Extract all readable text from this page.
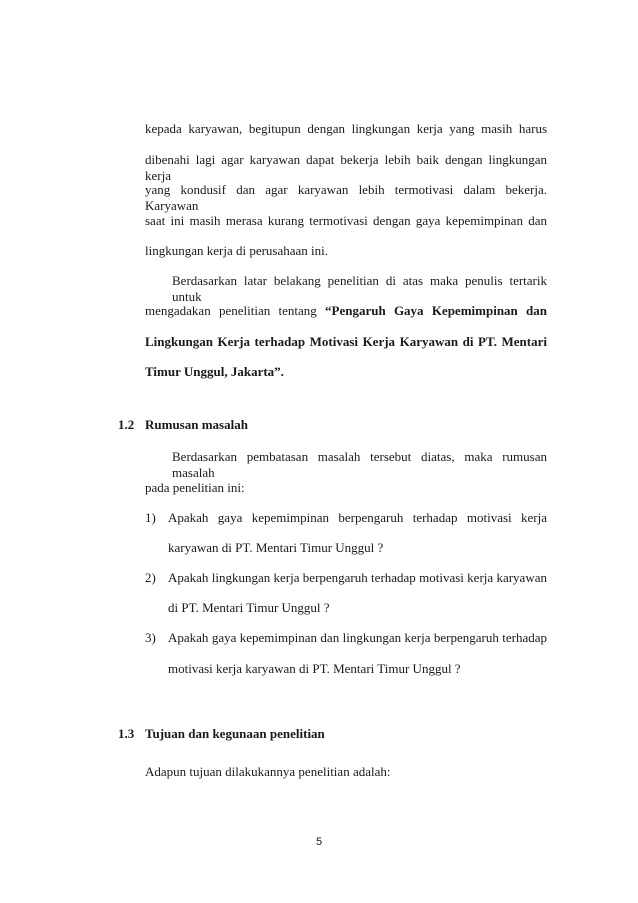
kepada karyawan, begitupun dengan lingkungan kerja yang masih harus
dibenahi lagi agar karyawan dapat bekerja lebih baik dengan lingkungan kerja
yang kondusif dan agar karyawan lebih termotivasi dalam bekerja. Karyawan
saat ini masih merasa kurang termotivasi dengan gaya kepemimpinan dan
lingkungan kerja di perusahaan ini.
Berdasarkan latar belakang penelitian di atas maka penulis tertarik untuk
mengadakan penelitian tentang “Pengaruh Gaya Kepemimpinan dan
Lingkungan Kerja terhadap Motivasi Kerja Karyawan di PT. Mentari
Timur Unggul, Jakarta”.
1.2 Rumusan masalah
Berdasarkan pembatasan masalah tersebut diatas, maka rumusan masalah
pada penelitian ini:
1) Apakah gaya kepemimpinan berpengaruh terhadap motivasi kerja
karyawan di PT. Mentari Timur Unggul ?
2) Apakah lingkungan kerja berpengaruh terhadap motivasi kerja karyawan
di PT. Mentari Timur Unggul ?
3) Apakah gaya kepemimpinan dan lingkungan kerja berpengaruh terhadap
motivasi kerja karyawan di PT. Mentari Timur Unggul ?
1.3 Tujuan dan kegunaan penelitian
Adapun tujuan dilakukannya penelitian adalah:
5
